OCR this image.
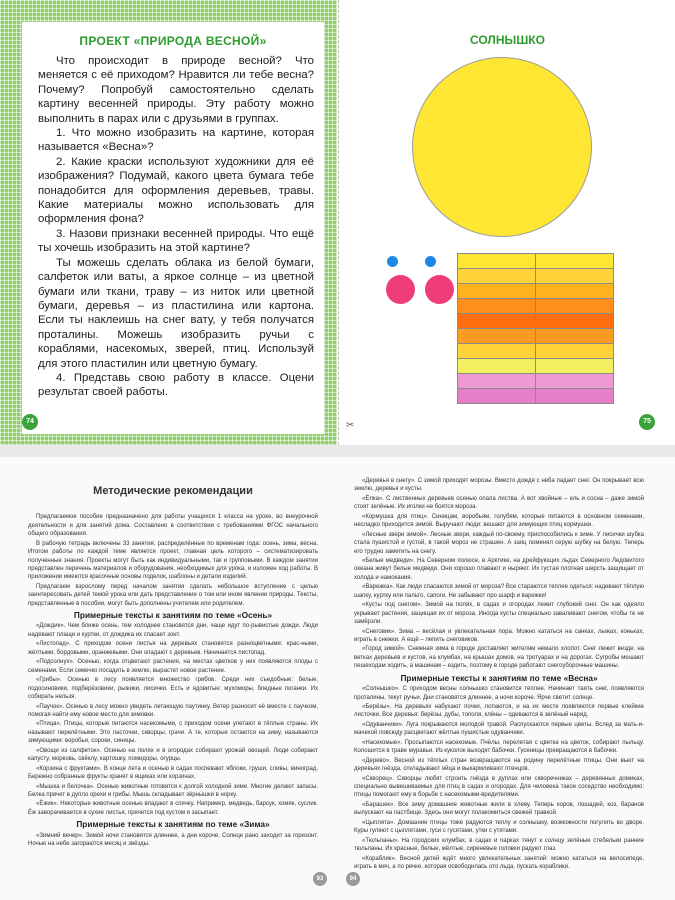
ПРОЕКТ «ПРИРОДА ВЕСНОЙ»

Что происходит в природе весной? Что меняется с её приходом? Нравится ли тебе весна? Почему? Попробуй самостоятельно сделать картину весенней природы. Эту работу можно выполнить в парах или с друзьями в группах.

1. Что можно изобразить на картине, которая называется «Весна»?

2. Какие краски используют художники для её изображения? Подумай, какого цвета бумага тебе понадобится для оформления деревьев, травы. Какие материалы можно использовать для оформления фона?

3. Назови признаки весенней природы. Что ещё ты хочешь изобразить на этой картине?

Ты можешь сделать облака из белой бумаги, салфеток или ваты, а яркое солнце – из цветной бумаги или ткани, траву – из ниток или цветной бумаги, деревья – из пластилина или картона. Если ты наклеишь на снег вату, у тебя получатся проталины. Можешь изобразить ручьи с кораблями, насекомых, зверей, птиц. Используй для этого пластилин или цветную бумагу.

4. Представь свою работу в классе. Оцени результат своей работы.

74
СОЛНЫШКО

75
✂
Методические рекомендации

Предлагаемое пособие предназначено для работы учащихся 1 класса на уроке, во внеурочной деятельности и для занятий дома. Составлено в соответствии с требованиями ФГОС начального общего образования.

В рабочую тетрадь включены 33 занятия, распределённые по временам года: осень, зима, весна. Итогом работы по каждой теме является проект, главная цель которого – систематизировать полученные знания. Проекты могут быть как индивидуальными, так и групповыми. В каждом занятии представлен перечень материалов и оборудования, необходимых для урока, и изложен ход работы. В приложении имеются красочные основы поделок, шаблоны и детали изделий.

Предлагаем взрослому перед началом занятия сделать небольшое вступление с целью заинтересовать детей темой урока или дать представление о том или ином явлении природы. Тексты, представленные в пособии, могут быть дополнены учителем или родителем.

Примерные тексты к занятиям по теме «Осень»

«Дождик». Чем ближе осень, тем холоднее становятся дни, чаще идут по-рывистые дожди. Люди надевают плащи и куртки, от дождика их спасает зонт.

«Листопад». С приходом осени листья на деревьях становятся разноцветными: крас-ными, жёлтыми, бордовыми, оранжевыми. Они опадают с деревьев. Начинается листопад.

«Подсолнух». Осенью, когда отцветают растения, на местах цветков у них появляются плоды с семенами. Если семечко посадить в землю, вырастет новое растение.

«Грибы». Осенью в лесу появляется множество грибов. Среди них съедобные: белые, подосиновики, подберёзовики, рыжики, лисички. Есть и ядовитые: мухоморы, бледные поганки. Их собирать нельзя.

«Паучок». Осенью в лесу можно увидеть летающую паутинку. Ветер разносит её вместе с паучком, помогая найти ему новое место для зимовки.

«Птица». Птицы, которые питаются насекомыми, с приходом осени улетают в тёплые страны. Их называют перелётными. Это ласточки, скворцы, грачи. А те, которые остаются на зиму, называются зимующими: воробьи, сороки, синицы.

«Овощи из салфеток». Осенью на полях и в огородах собирают урожай овощей. Люди собирают капусту, морковь, свёклу, картошку, помидоры, огурцы.

«Корзина с фруктами». В конце лета и осенью в садах поспевают яблоки, груши, сливы, виноград. Бережно собранные фрукты хранят в ящиках или корзинах.

«Мышка и белочка». Осенью животные готовятся к долгой холодной зиме. Многие делают запасы. Белка прячет в дупло орехи и грибы. Мышь складывает зёрнышки в норку.

«Ёжик». Некоторые животные осенью впадают в спячку. Например, медведь, барсук, хомяк, суслик. Ёж заворачивается в сухие листья, прячется под кустом и засыпает.

Примерные тексты к занятиям по теме «Зима»

«Зимний вечер». Зимой ночи становятся длиннее, а дни короче. Солнце рано заходит за горизонт. Ночью на небе загораются месяц и звёзды.

93

«Деревья в снегу». С зимой приходят морозы. Вместо дождя с неба падает снег. Он покрывает всю землю, деревья и кусты.

«Ёлка». С лиственных деревьев осенью опала листва. А вот хвойные – ель и сосна – даже зимой стоят зелёные. Их иголки не боятся мороза.

«Кормушка для птиц». Синицам, воробьям, голубям, которые питаются в основном семенами, несладко приходится зимой. Выручают люди: вешают для зимующих птиц кормушки.

«Лесные звери зимой». Лесные звери, каждый по-своему, приспособились к зиме. У лисички шубка стала пушистой и густой, в такой мороз не страшен. А заяц поменял серую шубку на белую. Теперь его трудно заметить на снегу.

«Белые медведи». На Северном полюсе, в Арктике, на дрейфующих льдах Северного Ледовитого океана живут белые медведи. Они хорошо плавают и ныряют. Их густая плотная шерсть защищает от холода и намокания.

«Варежка». Как люди спасаются зимой от мороза? Все стараются теплее одеться: надевают тёплую шапку, куртку или пальто, сапоги. Не забывают про шарф и варежки!

«Кусты под снегом». Зимой на полях, в садах и огородах лежит глубокий снег. Он как одеяло укрывает растения, защищая их от мороза. Иногда кусты специально заваливают снегом, чтобы те не замёрзли.

«Снеговик». Зима – весёлая и увлекательная пора. Можно кататься на санках, лыжах, коньках, играть в снежки. А ещё – лепить снеговиков.

«Город зимой». Снежная зима в городе доставляет жителям немало хлопот. Снег лежит везде: на ветках деревьев и кустов, на клумбах, на крышах домов, на тротуарах и на дорогах. Сугробы мешают пешеходам ходить, а машинам – ездить, поэтому в городе работают снегоуборочные машины.

Примерные тексты к занятиям по теме «Весна»

«Солнышко». С приходом весны солнышко становится теплее. Начинает таять снег, появляются проталины, текут ручьи. Дни становятся длиннее, а ночи короче. Ярче светит солнце.

«Берёзы». На деревьях набухают почки, лопаются, и на их месте появляются первые клейкие листочки. Все деревья: берёзы, дубы, тополя, клёны – одеваются в зелёный наряд.

«Одуванчики». Луга покрываются молодой травой. Распускаются первые цветы. Вслед за мать-и-мачехой повсюду расцветают жёлтые пушистые одуванчики.

«Насекомые». Просыпаются насекомые. Пчёлы, перелетая с цветка на цветок, собирают пыльцу. Колошится в траве муравьи. Из куколок выходят бабочки. Гусеницы превращаются в бабочки.

«Дерево». Весной из тёплых стран возвращаются на родину перелётные птицы. Они вьют на деревьях гнёзда, откладывают яйца и выкармливают птенцов.

«Скворец». Скворцы любят строить гнёзда в дуплах или скворечниках – деревянных домиках, специально вывешиваемых для птиц в садах и огородах. Для человека такое соседство необходимо: птицы помогают ему в борьбе с насекомыми-вредителями.

«Барашек». Все зиму домашние животные жили в хлеву. Теперь коров, лошадей, коз, баранов выпускают на пастбище. Здесь они могут полакомиться свежей травкой.

«Цыплята». Домашние птицы тоже радуются теплу и солнышку, возможности погулять во дворе. Куры гуляют с цыплятами, гуси с гусятами, утки с утятами.

«Тюльпаны». На городских клумбах, в садах и парках тянут к солнцу зелёные стебельки ранние тюльпаны. Их красные, белые, жёлтые, сиреневые головки радуют глаз.

«Кораблик». Весной детей ждёт много увлекательных занятий: можно кататься на велосипеде, играть в мяч, а по речке, которая освободилась ото льда, пускать кораблики.

94
